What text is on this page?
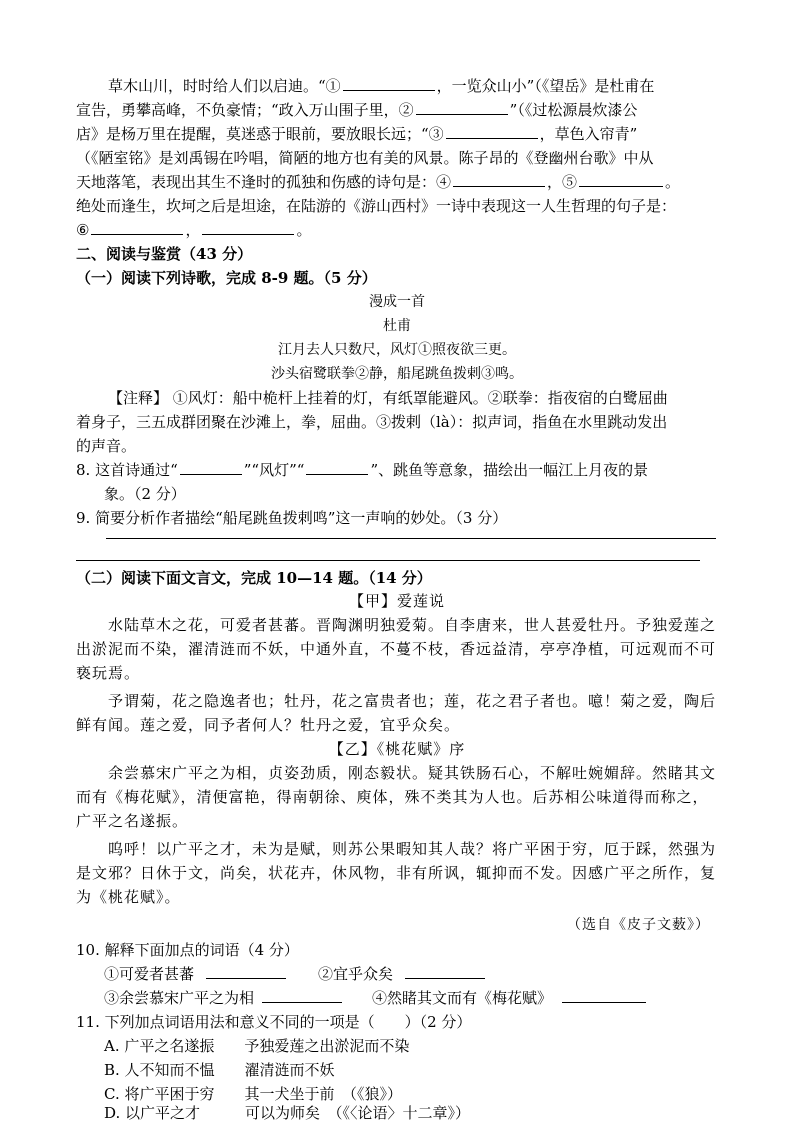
草木山川，时时给人们以启迪。“①	，一览众山小”（《望岳》是杜甫在
宣告，勇攀高峰，不负豪情；“政入万山围子里，②	”（《过松源晨炊漆公
店》是杨万里在提醒，莫迷惑于眼前，要放眼长远；“③	，草色入帘青”
（《陋室铭》是刘禹锡在吟唱，简陋的地方也有美的风景。陈子昂的《登幽州台歌》中从
天地落笔，表现出其生不逢时的孤独和伤感的诗句是：④	，⑤	。
绝处而逢生，坎坷之后是坦途，在陆游的《游山西村》一诗中表现这一人生哲理的句子是：
⑥	，	。
二、阅读与鉴赏（43 分）
（一）阅读下列诗歌，完成 8-9 题。（5 分）
漫成一首
杜甫
江月去人只数尺，风灯①照夜欲三更。
沙头宿鹭联拳②静，船尾跳鱼拨剌③鸣。
【注释】 ①风灯：船中桅杆上挂着的灯，有纸罩能避风。②联拳：指夜宿的白鹭屈曲
着身子，三五成群团聚在沙滩上，拳，屈曲。③拨剌（là）：拟声词，指鱼在水里跳动发出
的声音。
8. 这首诗通过“	”“风灯”“	”、跳鱼等意象，描绘出一幅江上月夜的景
象。（2 分）
9. 简要分析作者描绘“船尾跳鱼拨剌鸣”这一声响的妙处。（3 分）
（二）阅读下面文言文，完成 10—14 题。（14 分）
【甲】爱莲说
水陆草木之花，可爱者甚蕃。晋陶渊明独爱菊。自李唐来，世人甚爱牡丹。予独爱莲之
出淤泥而不染，濯清涟而不妖，中通外直，不蔓不枝，香远益清，亭亭净植，可远观而不可
亵玩焉。
予谓菊，花之隐逸者也；牡丹，花之富贵者也；莲，花之君子者也。噫！菊之爱，陶后
鲜有闻。莲之爱，同予者何人？牡丹之爱，宜乎众矣。
【乙】《桃花赋》序
余尝慕宋广平之为相，贞姿劲质，刚态毅状。疑其铁肠石心，不解吐婉媚辞。然睹其文
而有《梅花赋》，清便富艳，得南朝徐、庾体，殊不类其为人也。后苏相公味道得而称之，
广平之名遂振。
呜呼！以广平之才，未为是赋，则苏公果暇知其人哉？将广平困于穷，厄于踩，然强为
是文邪？日休于文，尚矣，状花卉，休风物，非有所讽，辄抑而不发。因感广平之所作，复
为《桃花赋》。
（选自《皮子文薮》）
10. 解释下面加点的词语（4 分）
①可爱者甚蕃	②宜乎众矣
③余尝慕宋广平之为相	④然睹其文而有《梅花赋》
11. 下列加点词语用法和意义不同的一项是（　　）（2 分）
A. 广平之名遂振　　予独爱莲之出淤泥而不染
B. 人不知而不愠　　濯清涟而不妖
C. 将广平困于穷　　其一犬坐于前　（《狼》）
D. 以广平之才　　　可以为师矣　（《〈论语〉十二章》）
